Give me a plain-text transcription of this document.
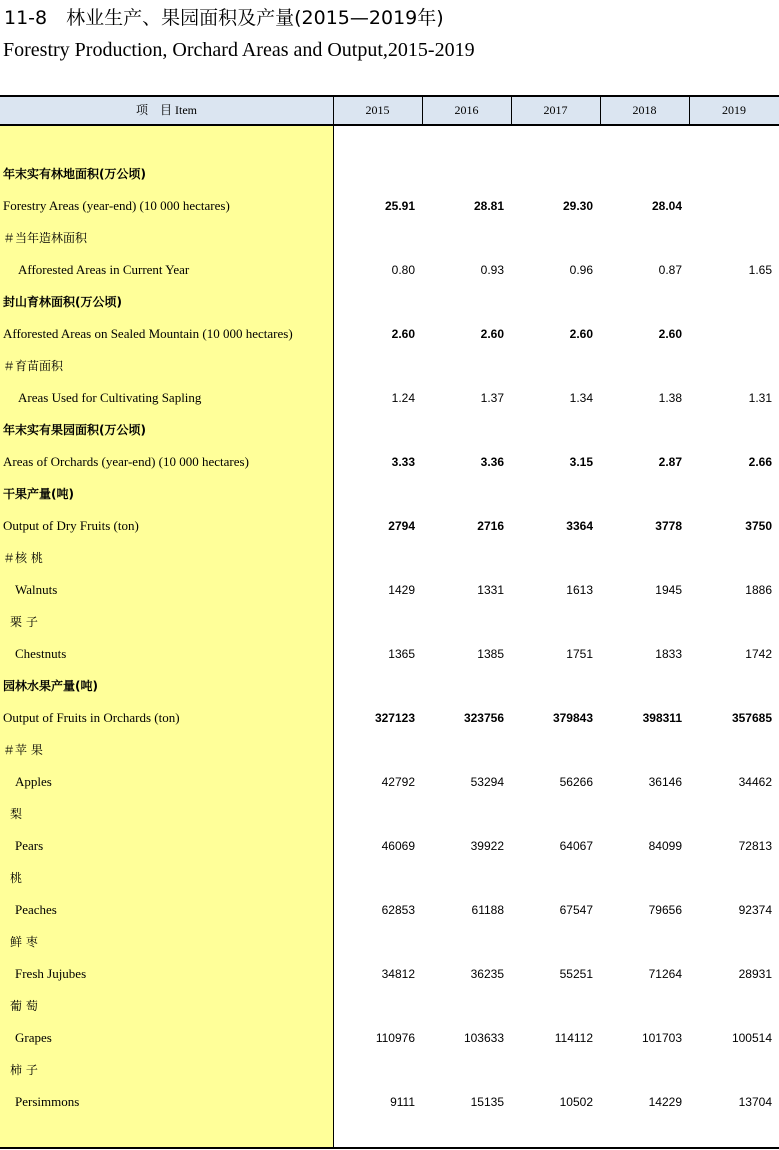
11-8　林业生产、果园面积及产量(2015—2019年)
Forestry Production, Orchard Areas and Output,2015-2019
项　目 Item	2015	2016	2017	2018	2019
年末实有林地面积(万公顷)
Forestry Areas (year-end) (10 000 hectares)	25.91	28.81	29.30	28.04
＃当年造林面积
Afforested Areas in Current Year	0.80	0.93	0.96	0.87	1.65
封山育林面积(万公顷)
Afforested Areas on Sealed Mountain (10 000 hectares)	2.60	2.60	2.60	2.60
＃育苗面积
Areas Used for Cultivating Sapling	1.24	1.37	1.34	1.38	1.31
年末实有果园面积(万公顷)
Areas of Orchards (year-end) (10 000 hectares)	3.33	3.36	3.15	2.87	2.66
干果产量(吨)
Output of Dry Fruits (ton)	2794	2716	3364	3778	3750
＃核 桃
Walnuts	1429	1331	1613	1945	1886
栗 子
Chestnuts	1365	1385	1751	1833	1742
园林水果产量(吨)
Output of Fruits in Orchards (ton)	327123	323756	379843	398311	357685
＃苹 果
Apples	42792	53294	56266	36146	34462
梨
Pears	46069	39922	64067	84099	72813
桃
Peaches	62853	61188	67547	79656	92374
鲜 枣
Fresh Jujubes	34812	36235	55251	71264	28931
葡 萄
Grapes	110976	103633	114112	101703	100514
柿 子
Persimmons	9111	15135	10502	14229	13704
